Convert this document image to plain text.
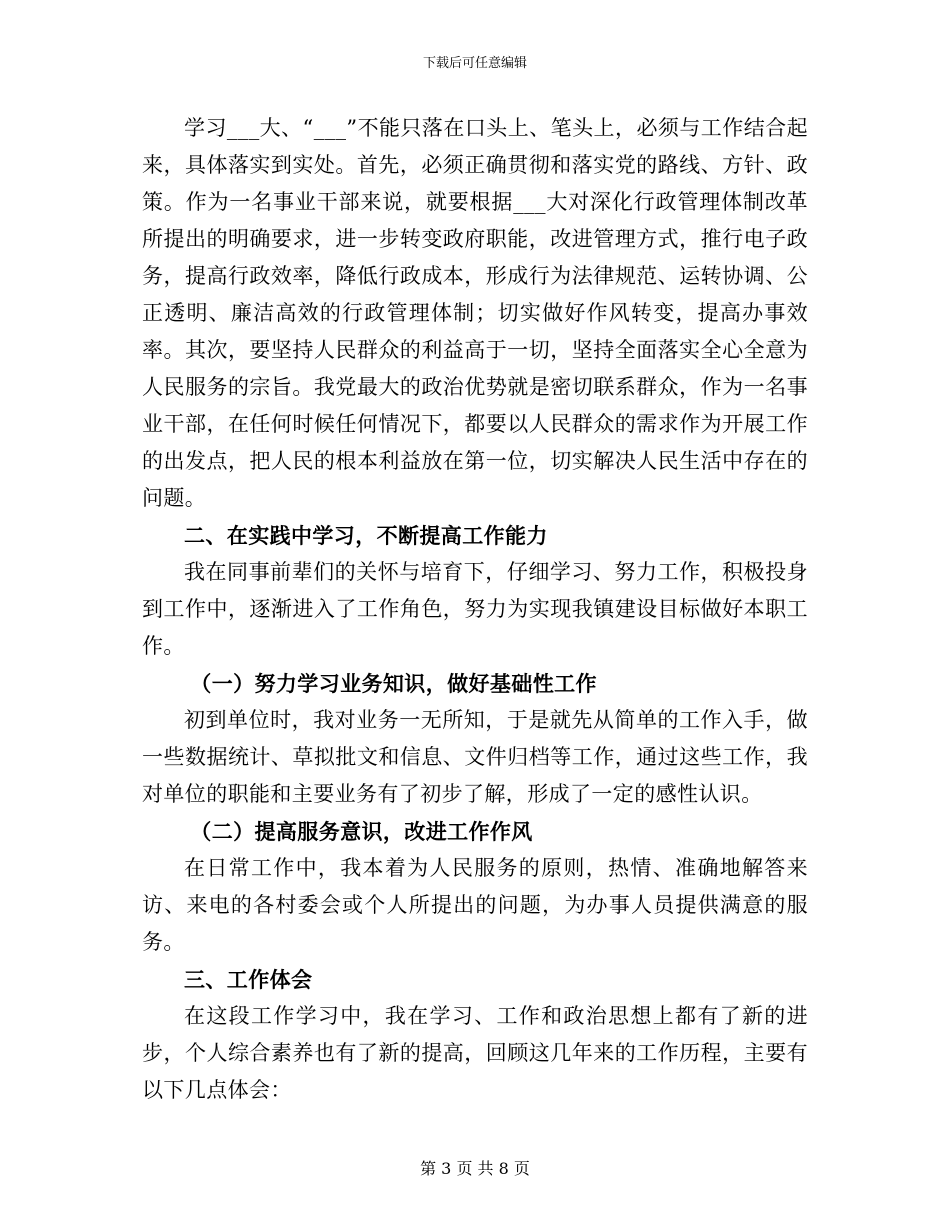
下载后可任意编辑

学习___大、“___”不能只落在口头上、笔头上，必须与工作结合起来，具体落实到实处。首先，必须正确贯彻和落实党的路线、方针、政策。作为一名事业干部来说，就要根据___大对深化行政管理体制改革所提出的明确要求，进一步转变政府职能，改进管理方式，推行电子政务，提高行政效率，降低行政成本，形成行为法律规范、运转协调、公正透明、廉洁高效的行政管理体制；切实做好作风转变，提高办事效率。其次，要坚持人民群众的利益高于一切，坚持全面落实全心全意为人民服务的宗旨。我党最大的政治优势就是密切联系群众，作为一名事业干部，在任何时候任何情况下，都要以人民群众的需求作为开展工作的出发点，把人民的根本利益放在第一位，切实解决人民生活中存在的问题。

二、在实践中学习，不断提高工作能力

我在同事前辈们的关怀与培育下，仔细学习、努力工作，积极投身到工作中，逐渐进入了工作角色，努力为实现我镇建设目标做好本职工作。

（一）努力学习业务知识，做好基础性工作

初到单位时，我对业务一无所知，于是就先从简单的工作入手，做一些数据统计、草拟批文和信息、文件归档等工作，通过这些工作，我对单位的职能和主要业务有了初步了解，形成了一定的感性认识。

（二）提高服务意识，改进工作作风

在日常工作中，我本着为人民服务的原则，热情、准确地解答来访、来电的各村委会或个人所提出的问题，为办事人员提供满意的服务。

三、工作体会

在这段工作学习中，我在学习、工作和政治思想上都有了新的进步，个人综合素养也有了新的提高，回顾这几年来的工作历程，主要有以下几点体会：

第 3 页 共 8 页
